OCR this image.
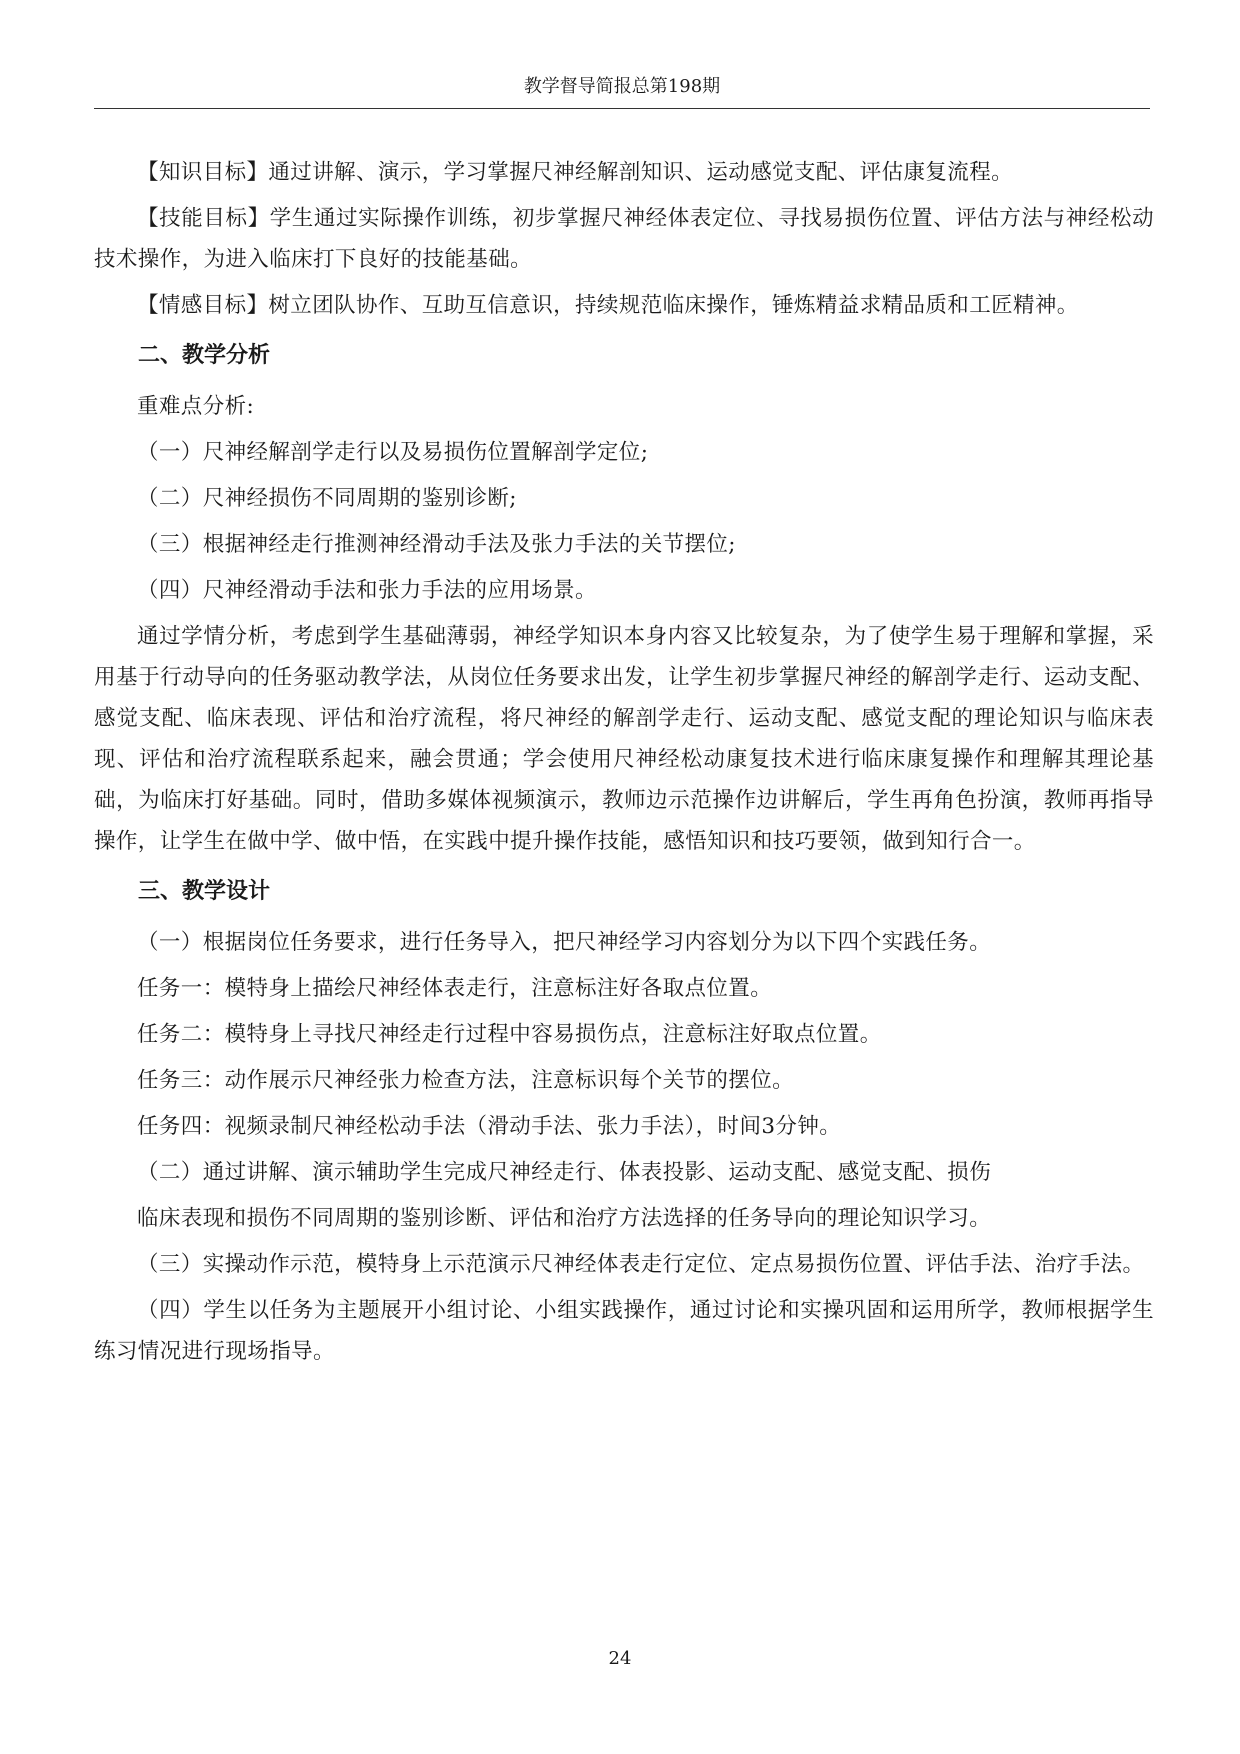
教学督导简报总第198期

【知识目标】通过讲解、演示，学习掌握尺神经解剖知识、运动感觉支配、评估康复流程。

【技能目标】学生通过实际操作训练，初步掌握尺神经体表定位、寻找易损伤位置、评估方法与神经松动技术操作，为进入临床打下良好的技能基础。

【情感目标】树立团队协作、互助互信意识，持续规范临床操作，锤炼精益求精品质和工匠精神。

二、教学分析

重难点分析:

（一）尺神经解剖学走行以及易损伤位置解剖学定位;

（二）尺神经损伤不同周期的鉴别诊断;

（三）根据神经走行推测神经滑动手法及张力手法的关节摆位;

（四）尺神经滑动手法和张力手法的应用场景。

通过学情分析，考虑到学生基础薄弱，神经学知识本身内容又比较复杂，为了使学生易于理解和掌握，采用基于行动导向的任务驱动教学法，从岗位任务要求出发，让学生初步掌握尺神经的解剖学走行、运动支配、感觉支配、临床表现、评估和治疗流程，将尺神经的解剖学走行、运动支配、感觉支配的理论知识与临床表现、评估和治疗流程联系起来，融会贯通；学会使用尺神经松动康复技术进行临床康复操作和理解其理论基础，为临床打好基础。同时，借助多媒体视频演示，教师边示范操作边讲解后，学生再角色扮演，教师再指导操作，让学生在做中学、做中悟，在实践中提升操作技能，感悟知识和技巧要领，做到知行合一。

三、教学设计

（一）根据岗位任务要求，进行任务导入，把尺神经学习内容划分为以下四个实践任务。

任务一：模特身上描绘尺神经体表走行，注意标注好各取点位置。

任务二：模特身上寻找尺神经走行过程中容易损伤点，注意标注好取点位置。

任务三：动作展示尺神经张力检查方法，注意标识每个关节的摆位。

任务四：视频录制尺神经松动手法（滑动手法、张力手法），时间3分钟。

（二）通过讲解、演示辅助学生完成尺神经走行、体表投影、运动支配、感觉支配、损伤

临床表现和损伤不同周期的鉴别诊断、评估和治疗方法选择的任务导向的理论知识学习。

（三）实操动作示范，模特身上示范演示尺神经体表走行定位、定点易损伤位置、评估手法、治疗手法。

（四）学生以任务为主题展开小组讨论、小组实践操作，通过讨论和实操巩固和运用所学，教师根据学生练习情况进行现场指导。

24
